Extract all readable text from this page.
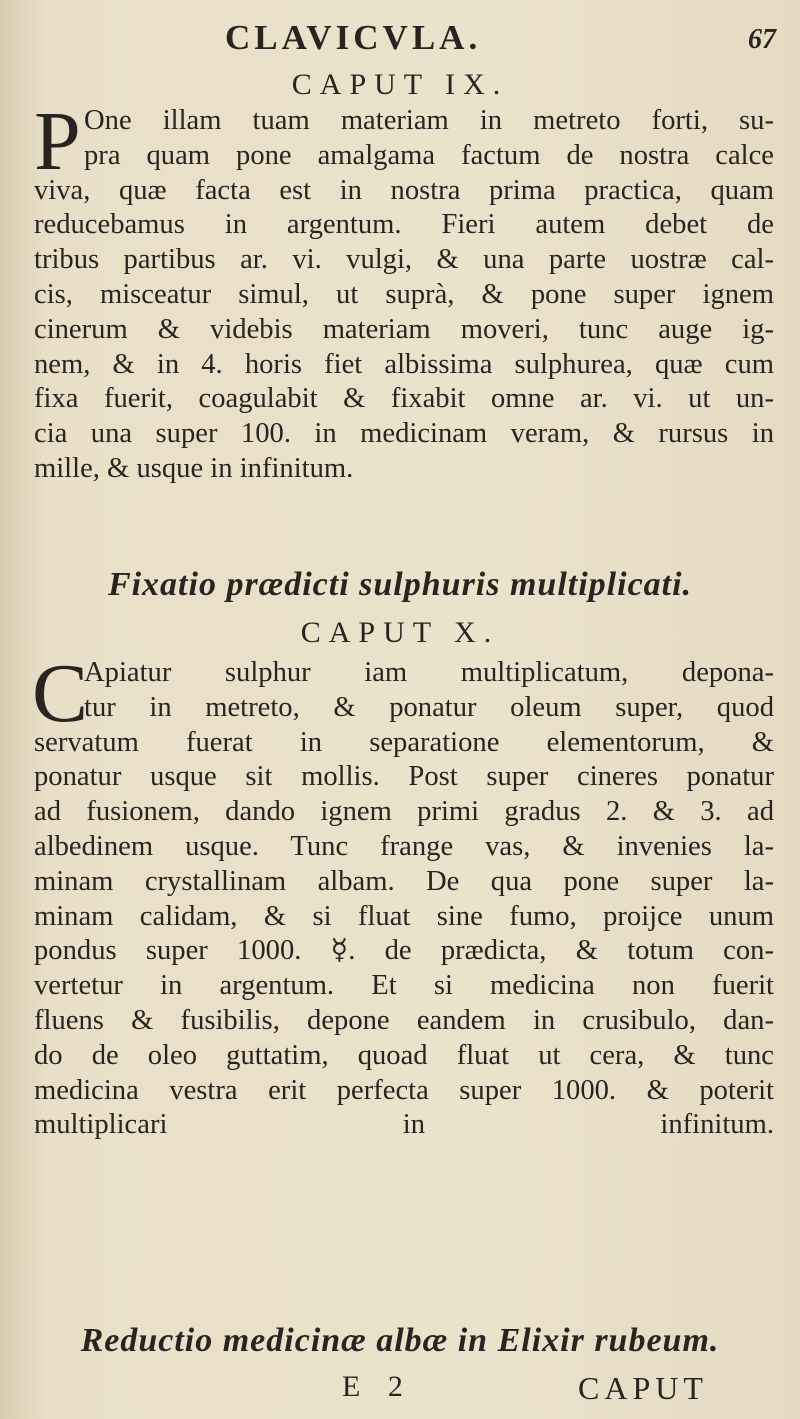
CLAVICVLA.	67
CAPUT IX.
P One illam tuam materiam in metreto forti, su-
pra quam pone amalgama factum de nostra calce
viva, quæ facta est in nostra prima practica, quam
reducebamus in argentum. Fieri autem debet de
tribus partibus ar. vi. vulgi, & una parte uostræ cal-
cis, misceatur simul, ut suprà, & pone super ignem
cinerum & videbis materiam moveri, tunc auge ig-
nem, & in 4. horis fiet albissima sulphurea, quæ cum
fixa fuerit, coagulabit & fixabit omne ar. vi. ut un-
cia una super 100. in medicinam veram, & rursus in
mille, & usque in infinitum.
Fixatio prædicti sulphuris multiplicati.
CAPUT X.
C
Apiatur sulphur iam multiplicatum, depona-
tur in metreto, & ponatur oleum super, quod
servatum fuerat in separatione elementorum, &
ponatur usque sit mollis. Post super cineres ponatur
ad fusionem, dando ignem primi gradus 2. & 3. ad
albedinem usque. Tunc frange vas, & invenies la-
minam crystallinam albam. De qua pone super la-
minam calidam, & si fluat sine fumo, proijce unum
pondus super 1000. ☿. de prædicta, & totum con-
vertetur in argentum. Et si medicina non fuerit
fluens & fusibilis, depone eandem in crusibulo, dan-
do de oleo guttatim, quoad fluat ut cera, & tunc
medicina vestra erit perfecta super 1000. & poterit
multiplicari in infinitum.
Reductio medicinæ albæ in Elixir rubeum.
E 2	CAPUT
